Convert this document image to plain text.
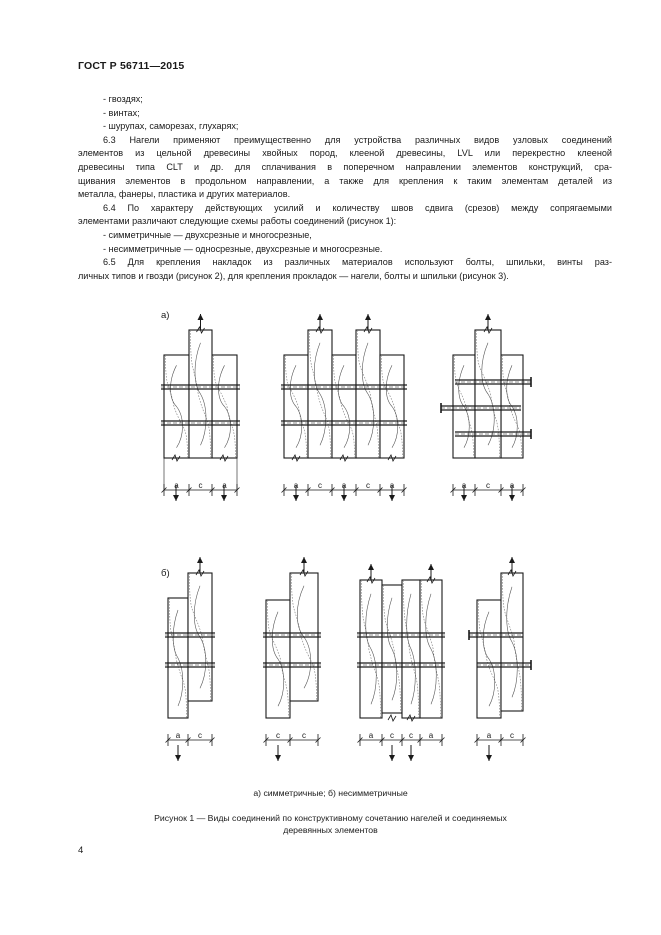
ГОСТ Р 56711—2015
- гвоздях;
- винтах;
- шурупах, саморезах, глухарях;
6.3 Нагели применяют преимущественно для устройства различных видов узловых соединений
элементов из цельной древесины хвойных пород, клееной древесины, LVL или перекрестно клееной
древесины типа CLT и др. для сплачивания в поперечном направлении элементов конструкций, сра-
щивания элементов в продольном направлении, а также для крепления к таким элементам деталей из
металла, фанеры, пластика и других материалов.
6.4 По характеру действующих усилий и количеству швов сдвига (срезов) между сопрягаемыми
элементами различают следующие схемы работы соединений (рисунок 1):
- симметричные — двухсрезные и многосрезные,
- несимметричные — односрезные, двухсрезные и многосрезные.
6.5 Для крепления накладок из различных материалов используют болты, шпильки, винты раз-
личных типов и гвозди (рисунок 2), для крепления прокладок — нагели, болты и шпильки (рисунок 3).
а)
б)
а с а	а с а с а	а с а
а с	с	с	а с с а	а с
а) симметричные; б) несимметричные
Рисунок 1 — Виды соединений по конструктивному сочетанию нагелей и соединяемых
деревянных элементов
4
